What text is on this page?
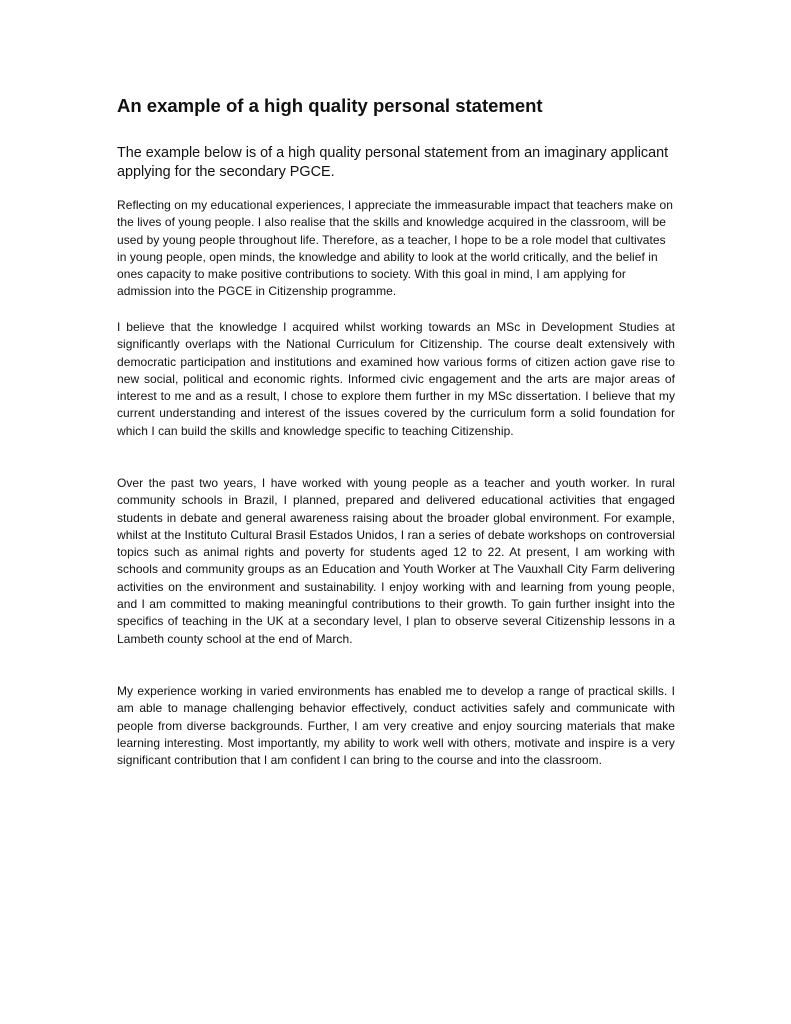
An example of a high quality personal statement

The example below is of a high quality personal statement from an imaginary applicant applying for the secondary PGCE.

Reflecting on my educational experiences, I appreciate the immeasurable impact that teachers make on the lives of young people. I also realise that the skills and knowledge acquired in the classroom, will be used by young people throughout life. Therefore, as a teacher, I hope to be a role model that cultivates in young people, open minds, the knowledge and ability to look at the world critically, and the belief in ones capacity to make positive contributions to society. With this goal in mind, I am applying for admission into the PGCE in Citizenship programme.

I believe that the knowledge I acquired whilst working towards an MSc in Development Studies at significantly overlaps with the National Curriculum for Citizenship. The course dealt extensively with democratic participation and institutions and examined how various forms of citizen action gave rise to new social, political and economic rights. Informed civic engagement and the arts are major areas of interest to me and as a result, I chose to explore them further in my MSc dissertation. I believe that my current understanding and interest of the issues covered by the curriculum form a solid foundation for which I can build the skills and knowledge specific to teaching Citizenship.

Over the past two years, I have worked with young people as a teacher and youth worker. In rural community schools in Brazil, I planned, prepared and delivered educational activities that engaged students in debate and general awareness raising about the broader global environment. For example, whilst at the Instituto Cultural Brasil Estados Unidos, I ran a series of debate workshops on controversial topics such as animal rights and poverty for students aged 12 to 22. At present, I am working with schools and community groups as an Education and Youth Worker at The Vauxhall City Farm delivering activities on the environment and sustainability. I enjoy working with and learning from young people, and I am committed to making meaningful contributions to their growth. To gain further insight into the specifics of teaching in the UK at a secondary level, I plan to observe several Citizenship lessons in a Lambeth county school at the end of March.

My experience working in varied environments has enabled me to develop a range of practical skills. I am able to manage challenging behavior effectively, conduct activities safely and communicate with people from diverse backgrounds. Further, I am very creative and enjoy sourcing materials that make learning interesting. Most importantly, my ability to work well with others, motivate and inspire is a very significant contribution that I am confident I can bring to the course and into the classroom.
